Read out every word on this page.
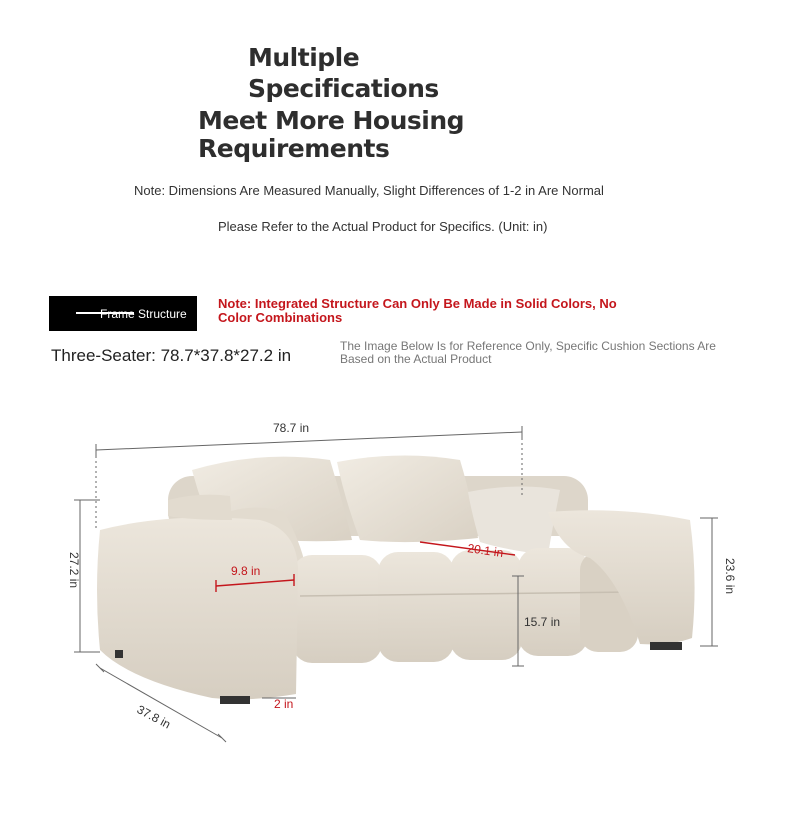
Multiple
Specifications
Meet More Housing
Requirements
Note: Dimensions Are Measured Manually, Slight Differences of 1-2 in Are Normal
Please Refer to the Actual Product for Specifics. (Unit: in)
Frame Structure
Note: Integrated Structure Can Only Be Made in Solid Colors, No Color Combinations
Three-Seater: 78.7*37.8*27.2 in	The Image Below Is for Reference Only, Specific Cushion Sections Are Based on the Actual Product
78.7 in
27.2 in	23.6 in
9.8 in
20.1 in
15.7 in
37.8 in	2 in
